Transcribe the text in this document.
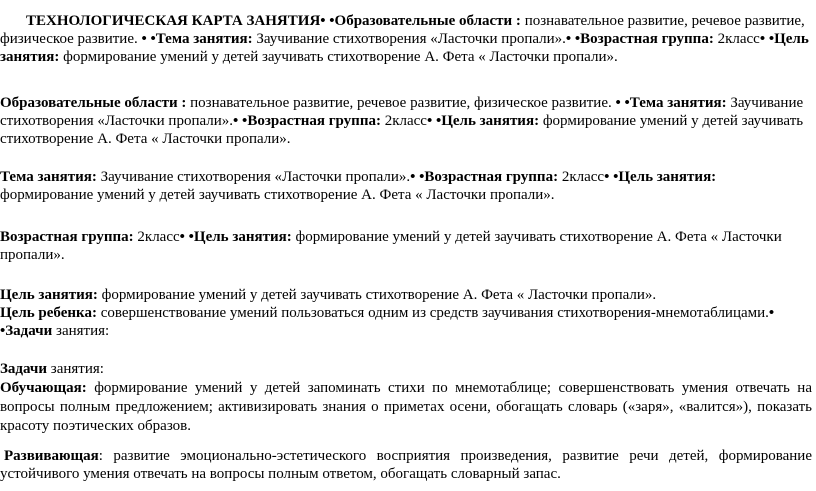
ТЕХНОЛОГИЧЕСКАЯ КАРТА ЗАНЯТИЯ• •Образовательные области : познавательное развитие, речевое развитие, физическое развитие. • •Тема занятия: Заучивание стихотворения «Ласточки пропали».• •Возрастная группа: 2класс• •Цель занятия: формирование умений у детей заучивать стихотворение А. Фета « Ласточки пропали».

Образовательные области : познавательное развитие, речевое развитие, физическое развитие. • •Тема занятия: Заучивание стихотворения «Ласточки пропали».• •Возрастная группа: 2класс• •Цель занятия: формирование умений у детей заучивать стихотворение А. Фета « Ласточки пропали».

Тема занятия: Заучивание стихотворения «Ласточки пропали».• •Возрастная группа: 2класс• •Цель занятия: формирование умений у детей заучивать стихотворение А. Фета « Ласточки пропали».

Возрастная группа: 2класс• •Цель занятия: формирование умений у детей заучивать стихотворение А. Фета « Ласточки пропали».

Цель занятия: формирование умений у детей заучивать стихотворение А. Фета « Ласточки пропали».
Цель ребенка: совершенствование умений пользоваться одним из средств заучивания стихотворения-мнемотаблицами.• •Задачи занятия:

Задачи занятия:
Обучающая: формирование умений у детей запоминать стихи по мнемотаблице; совершенствовать умения отвечать на вопросы полным предложением; активизировать знания о приметах осени, обогащать словарь («заря», «валится»), показать красоту поэтических образов.

Развивающая: развитие эмоционально-эстетического восприятия произведения, развитие речи детей, формирование устойчивого умения отвечать на вопросы полным ответом, обогащать словарный запас.
